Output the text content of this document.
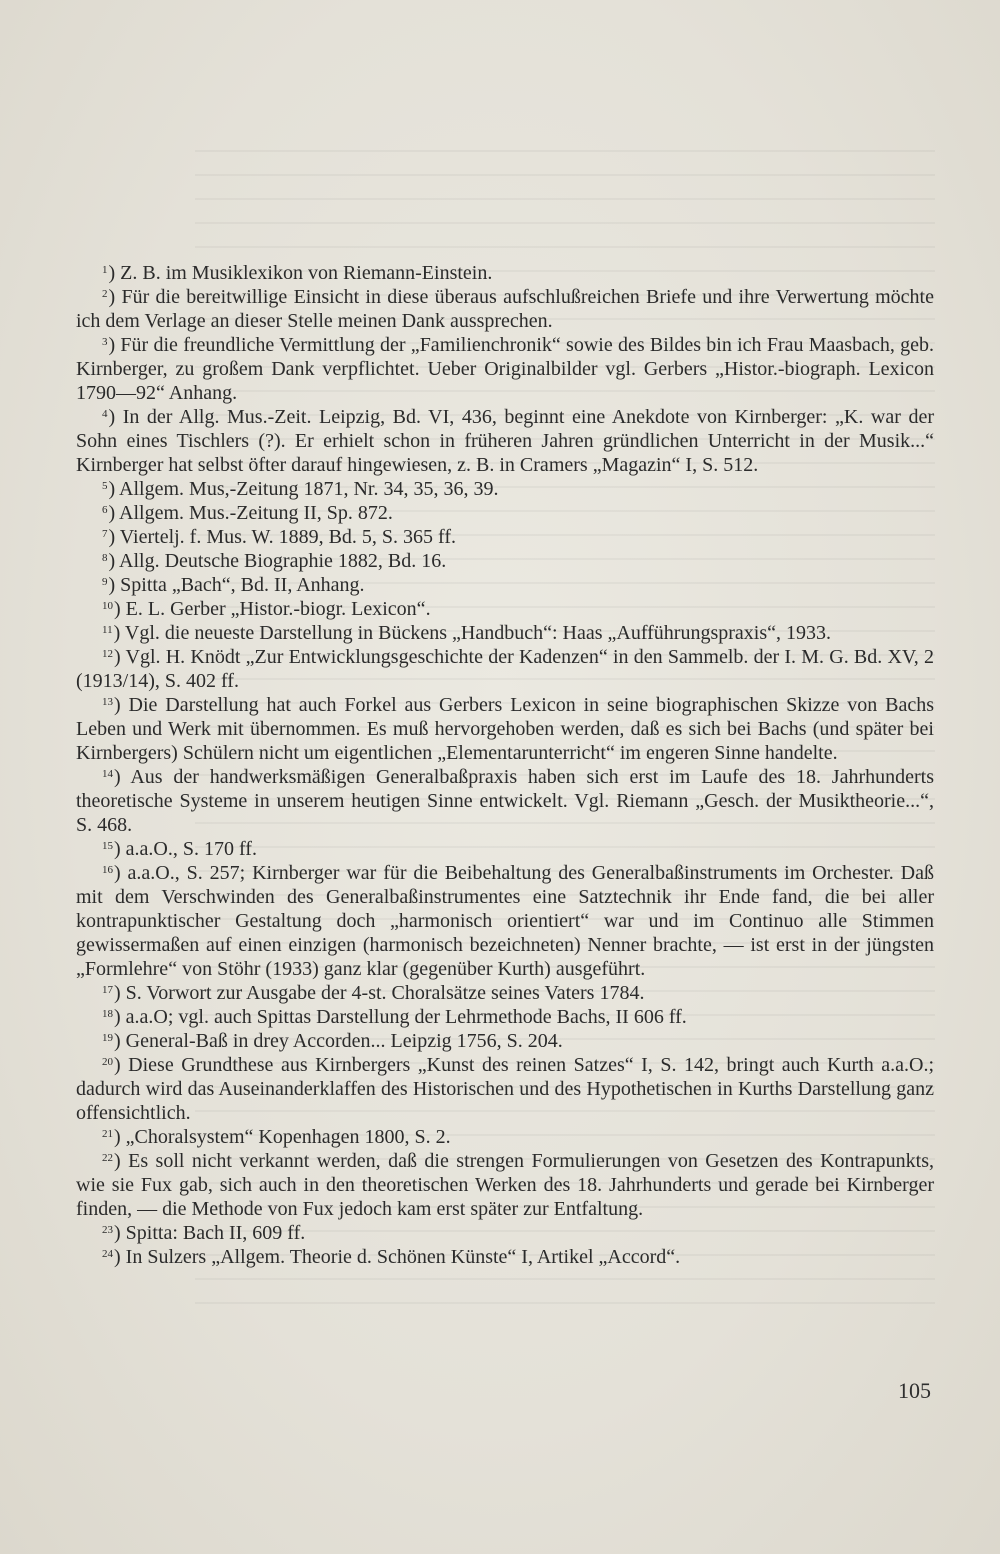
$^1$) Z. B. im Musiklexikon von Riemann-Einstein.

$^2$) Für die bereitwillige Einsicht in diese überaus aufschlußreichen Briefe und ihre Verwertung möchte ich dem Verlage an dieser Stelle meinen Dank aussprechen.

$^3$) Für die freundliche Vermittlung der „Familienchronik“ sowie des Bildes bin ich Frau Maasbach, geb. Kirnberger, zu großem Dank verpflichtet. Ueber Originalbilder vgl. Gerbers „Histor.-biograph. Lexicon 1790—92“ Anhang.

$^4$) In der Allg. Mus.-Zeit. Leipzig, Bd. VI, 436, beginnt eine Anekdote von Kirnberger: „K. war der Sohn eines Tischlers (?). Er erhielt schon in früheren Jahren gründlichen Unterricht in der Musik...“ Kirnberger hat selbst öfter darauf hingewiesen, z. B. in Cramers „Magazin“ I, S. 512.

$^5$) Allgem. Mus,-Zeitung 1871, Nr. 34, 35, 36, 39.

$^6$) Allgem. Mus.-Zeitung II, Sp. 872.

$^7$) Viertelj. f. Mus. W. 1889, Bd. 5, S. 365 ff.

$^8$) Allg. Deutsche Biographie 1882, Bd. 16.

$^9$) Spitta „Bach“, Bd. II, Anhang.

$^{10}$) E. L. Gerber „Histor.-biogr. Lexicon“.

$^{11}$) Vgl. die neueste Darstellung in Bückens „Handbuch“: Haas „Aufführungspraxis“, 1933.

$^{12}$) Vgl. H. Knödt „Zur Entwicklungsgeschichte der Kadenzen“ in den Sammelb. der I. M. G. Bd. XV, 2 (1913/14), S. 402 ff.

$^{13}$) Die Darstellung hat auch Forkel aus Gerbers Lexicon in seine biographischen Skizze von Bachs Leben und Werk mit übernommen. Es muß hervorgehoben werden, daß es sich bei Bachs (und später bei Kirnbergers) Schülern nicht um eigentlichen „Elementarunterricht“ im engeren Sinne handelte.

$^{14}$) Aus der handwerksmäßigen Generalbaßpraxis haben sich erst im Laufe des 18. Jahrhunderts theoretische Systeme in unserem heutigen Sinne entwickelt. Vgl. Riemann „Gesch. der Musiktheorie...“, S. 468.

$^{15}$) a.a.O., S. 170 ff.

$^{16}$) a.a.O., S. 257; Kirnberger war für die Beibehaltung des Generalbaßinstruments im Orchester. Daß mit dem Verschwinden des Generalbaßinstrumentes eine Satztechnik ihr Ende fand, die bei aller kontrapunktischer Gestaltung doch „harmonisch orientiert“ war und im Continuo alle Stimmen gewissermaßen auf einen einzigen (harmonisch bezeichneten) Nenner brachte, — ist erst in der jüngsten „Formlehre“ von Stöhr (1933) ganz klar (gegenüber Kurth) ausgeführt.

$^{17}$) S. Vorwort zur Ausgabe der 4-st. Choralsätze seines Vaters 1784.

$^{18}$) a.a.O; vgl. auch Spittas Darstellung der Lehrmethode Bachs, II 606 ff.

$^{19}$) General-Baß in drey Accorden... Leipzig 1756, S. 204.

$^{20}$) Diese Grundthese aus Kirnbergers „Kunst des reinen Satzes“ I, S. 142, bringt auch Kurth a.a.O.; dadurch wird das Auseinanderklaffen des Historischen und des Hypothetischen in Kurths Darstellung ganz offensichtlich.

$^{21}$) „Choralsystem“ Kopenhagen 1800, S. 2.

$^{22}$) Es soll nicht verkannt werden, daß die strengen Formulierungen von Gesetzen des Kontrapunkts, wie sie Fux gab, sich auch in den theoretischen Werken des 18. Jahrhunderts und gerade bei Kirnberger finden, — die Methode von Fux jedoch kam erst später zur Entfaltung.

$^{23}$) Spitta: Bach II, 609 ff.

$^{24}$) In Sulzers „Allgem. Theorie d. Schönen Künste“ I, Artikel „Accord“.

105
